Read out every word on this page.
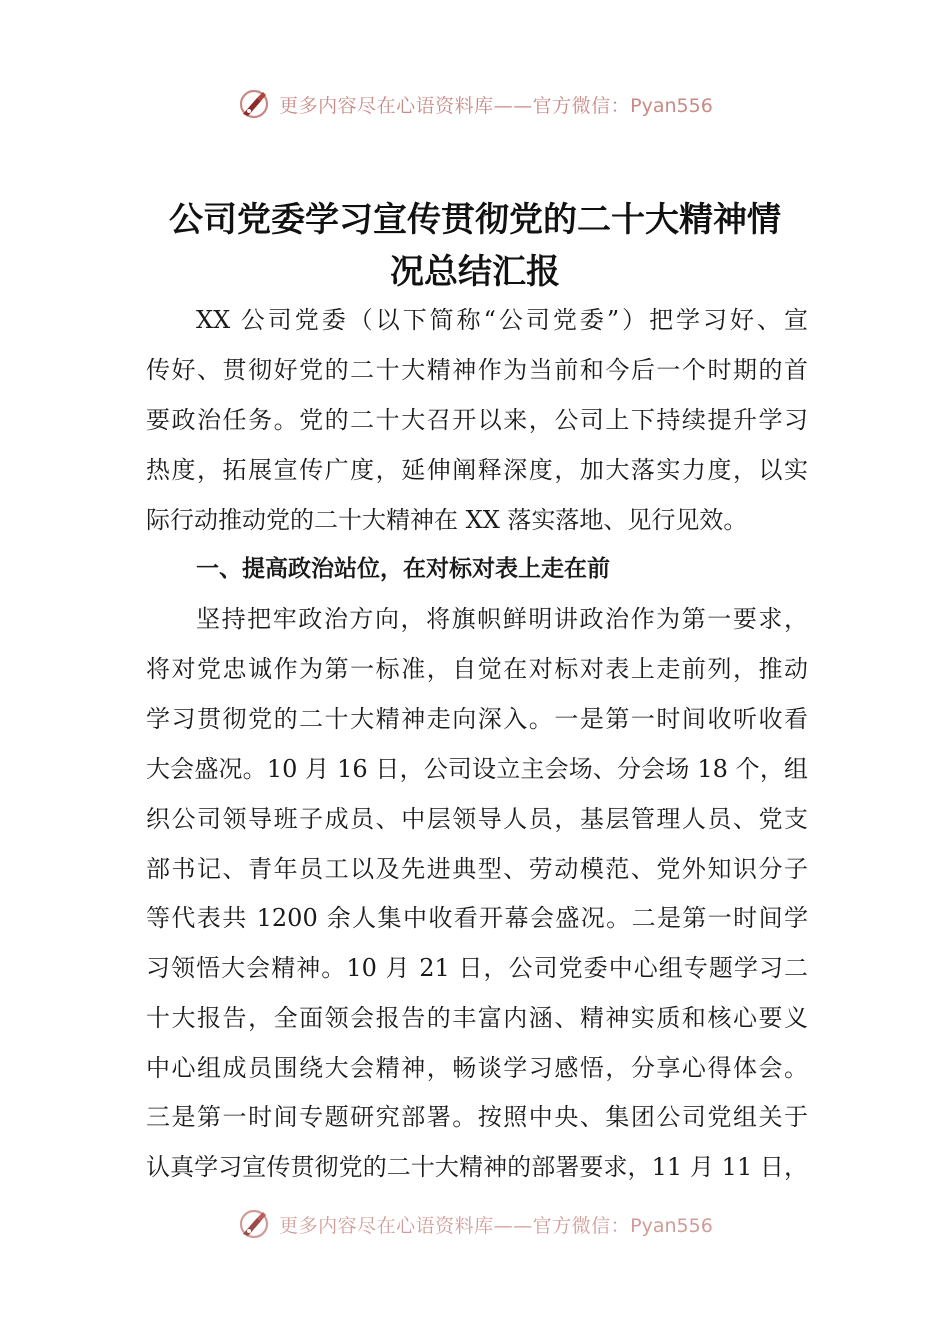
更多内容尽在心语资料库——官方微信：Pyan556
公司党委学习宣传贯彻党的二十大精神情
况总结汇报
XX 公司党委（以下简称“公司党委”）把学习好、宣
传好、贯彻好党的二十大精神作为当前和今后一个时期的首
要政治任务。党的二十大召开以来，公司上下持续提升学习
热度，拓展宣传广度，延伸阐释深度，加大落实力度，以实
际行动推动党的二十大精神在 XX 落实落地、见行见效。
一、提高政治站位，在对标对表上走在前
坚持把牢政治方向，将旗帜鲜明讲政治作为第一要求，
将对党忠诚作为第一标准，自觉在对标对表上走前列，推动
学习贯彻党的二十大精神走向深入。一是第一时间收听收看
大会盛况。10 月 16 日，公司设立主会场、分会场 18 个，组
织公司领导班子成员、中层领导人员，基层管理人员、党支
部书记、青年员工以及先进典型、劳动模范、党外知识分子
等代表共 1200 余人集中收看开幕会盛况。二是第一时间学
习领悟大会精神。10 月 21 日，公司党委中心组专题学习二
十大报告，全面领会报告的丰富内涵、精神实质和核心要义
中心组成员围绕大会精神，畅谈学习感悟，分享心得体会。
三是第一时间专题研究部署。按照中央、集团公司党组关于
认真学习宣传贯彻党的二十大精神的部署要求，11 月 11 日，
更多内容尽在心语资料库——官方微信：Pyan556
